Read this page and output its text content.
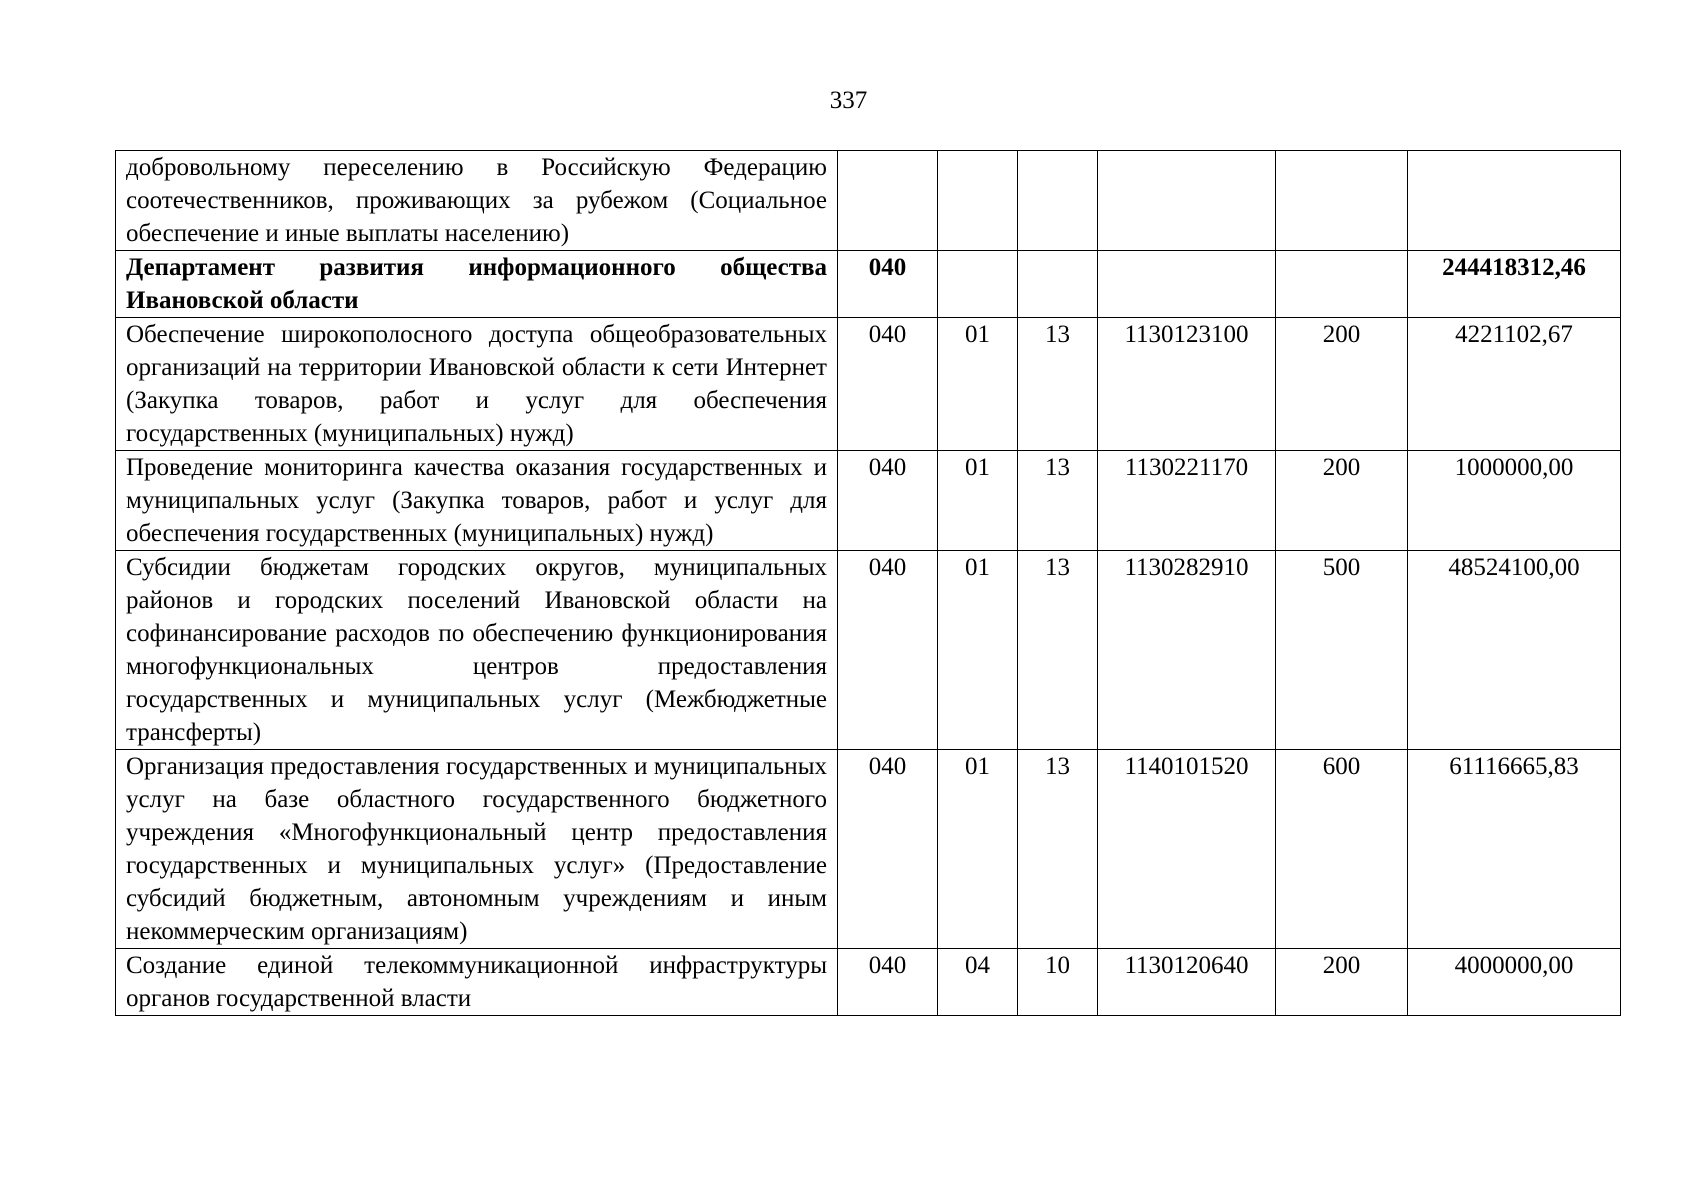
337
добровольному переселению в Российскую Федерацию соотечественников, проживающих за рубежом (Социальное обеспечение и иные выплаты населению)						
Департамент развития информационного общества Ивановской области	040					244418312,46
Обеспечение широкополосного доступа общеобразовательных организаций на территории Ивановской области к сети Интернет (Закупка товаров, работ и услуг для обеспечения государственных (муниципальных) нужд)	040	01	13	1130123100	200	4221102,67
Проведение мониторинга качества оказания государственных и муниципальных услуг (Закупка товаров, работ и услуг для обеспечения государственных (муниципальных) нужд)	040	01	13	1130221170	200	1000000,00
Субсидии бюджетам городских округов, муниципальных районов и городских поселений Ивановской области на софинансирование расходов по обеспечению функционирования многофункциональных центров предоставления государственных и муниципальных услуг (Межбюджетные трансферты)	040	01	13	1130282910	500	48524100,00
Организация предоставления государственных и муниципальных услуг на базе областного государственного бюджетного учреждения «Многофункциональный центр предоставления государственных и муниципальных услуг» (Предоставление субсидий бюджетным, автономным учреждениям и иным некоммерческим организациям)	040	01	13	1140101520	600	61116665,83
Создание единой телекоммуникационной инфраструктуры органов государственной власти	040	04	10	1130120640	200	4000000,00
